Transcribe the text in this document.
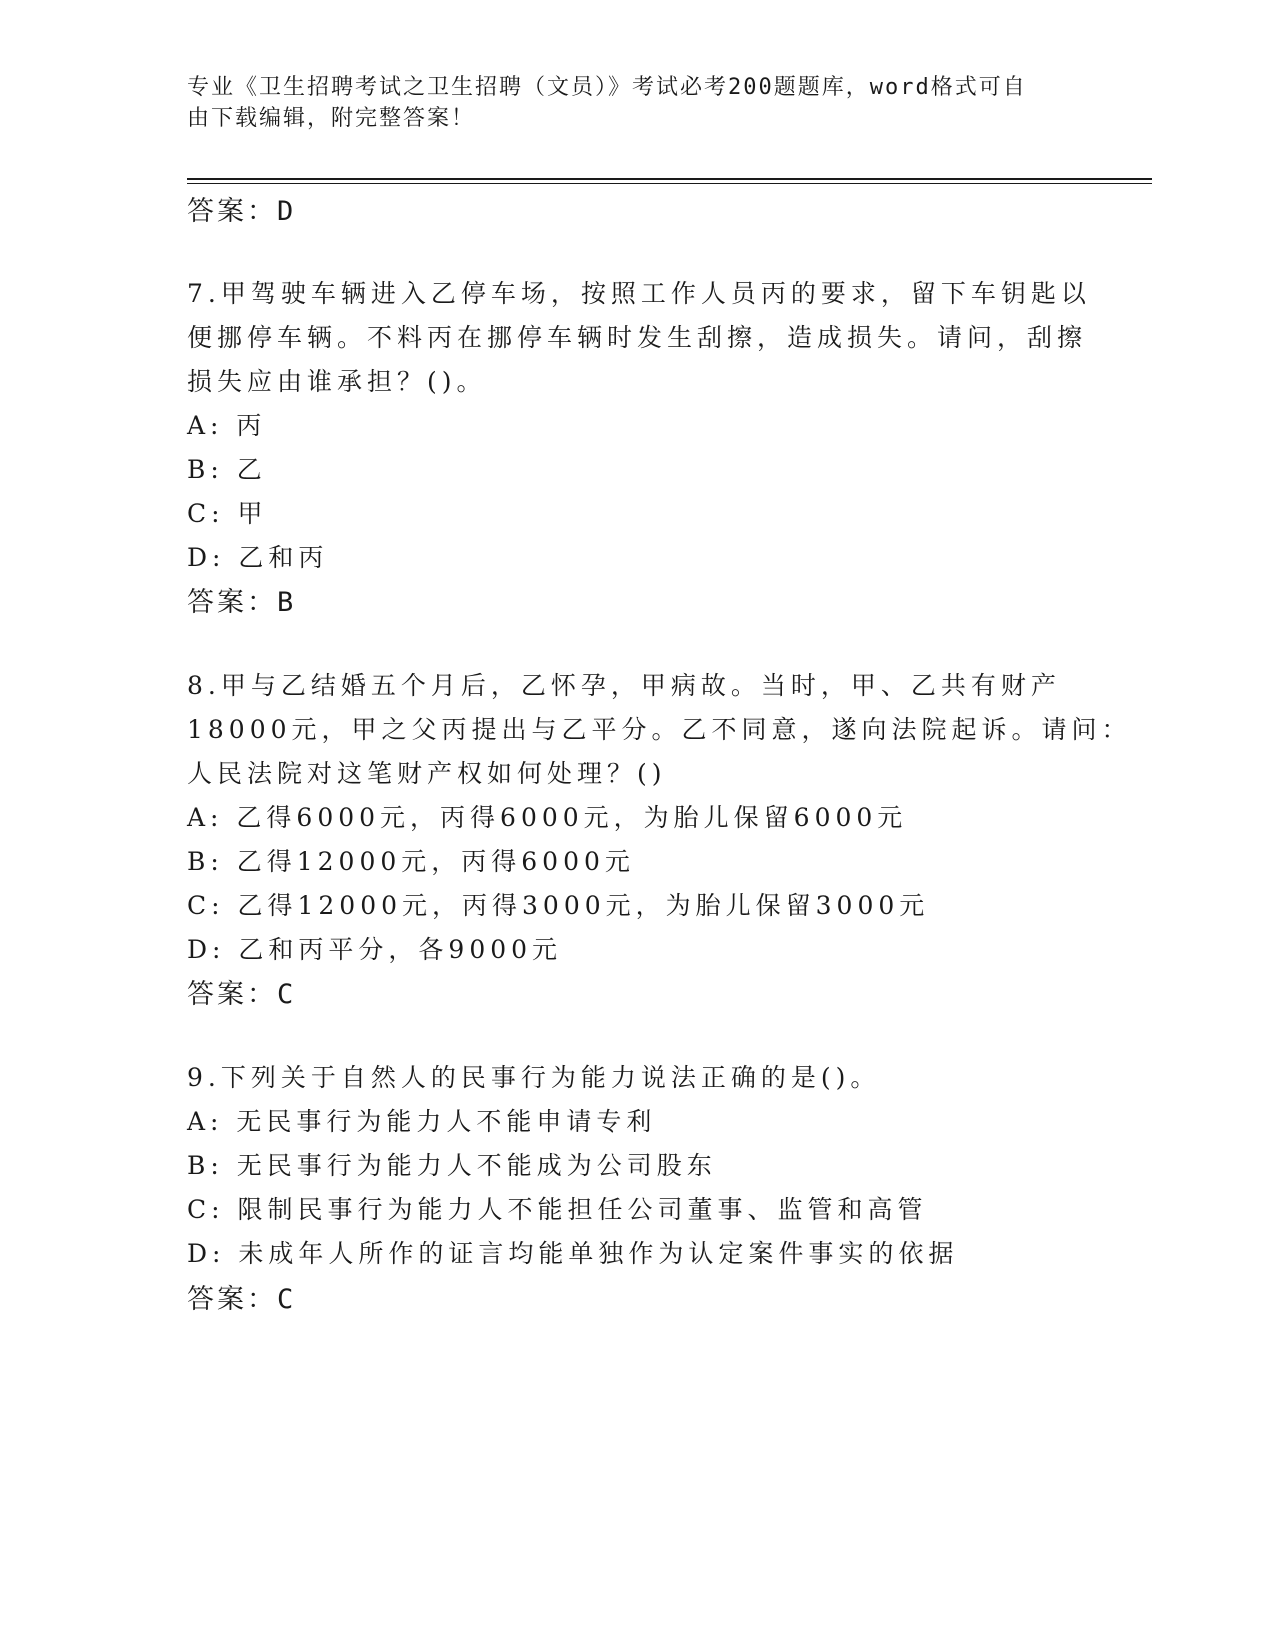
专业《卫生招聘考试之卫生招聘（文员）》考试必考200题题库，word格式可自
由下载编辑，附完整答案！
答案：D
7.甲驾驶车辆进入乙停车场，按照工作人员丙的要求，留下车钥匙以
便挪停车辆。不料丙在挪停车辆时发生刮擦，造成损失。请问，刮擦
损失应由谁承担？()。
A: 丙
B: 乙
C: 甲
D: 乙和丙
答案：B
8.甲与乙结婚五个月后，乙怀孕，甲病故。当时，甲、乙共有财产
18000元，甲之父丙提出与乙平分。乙不同意，遂向法院起诉。请问：
人民法院对这笔财产权如何处理？()
A: 乙得6000元，丙得6000元，为胎儿保留6000元
B: 乙得12000元，丙得6000元
C: 乙得12000元，丙得3000元，为胎儿保留3000元
D: 乙和丙平分，各9000元
答案：C
9.下列关于自然人的民事行为能力说法正确的是()。
A: 无民事行为能力人不能申请专利
B: 无民事行为能力人不能成为公司股东
C: 限制民事行为能力人不能担任公司董事、监管和高管
D: 未成年人所作的证言均能单独作为认定案件事实的依据
答案：C
